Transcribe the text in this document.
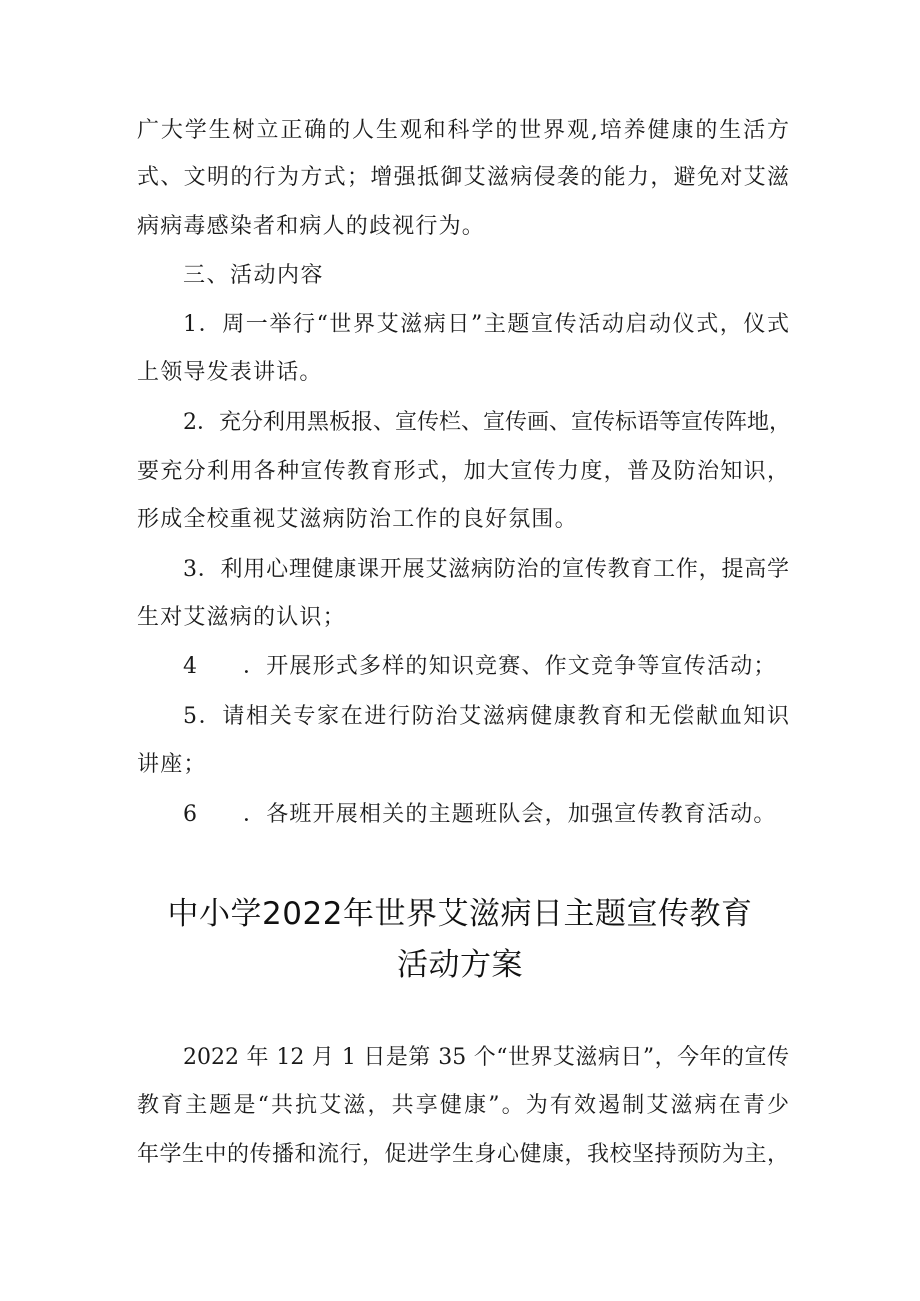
广大学生树立正确的人生观和科学的世界观,培养健康的生活方
式、文明的行为方式；增强抵御艾滋病侵袭的能力，避免对艾滋
病病毒感染者和病人的歧视行为。
三、活动内容
1．周一举行“世界艾滋病日”主题宣传活动启动仪式，仪式
上领导发表讲话。
2．充分利用黑板报、宣传栏、宣传画、宣传标语等宣传阵地，
要充分利用各种宣传教育形式，加大宣传力度，普及防治知识，
形成全校重视艾滋病防治工作的良好氛围。
3．利用心理健康课开展艾滋病防治的宣传教育工作，提高学
生对艾滋病的认识；
4 ．开展形式多样的知识竞赛、作文竞争等宣传活动；
5．请相关专家在进行防治艾滋病健康教育和无偿献血知识
讲座；
6 ．各班开展相关的主题班队会，加强宣传教育活动。
中小学2022年世界艾滋病日主题宣传教育
活动方案
2022 年 12 月 1 日是第 35 个“世界艾滋病日”，今年的宣传
教育主题是“共抗艾滋，共享健康”。为有效遏制艾滋病在青少
年学生中的传播和流行，促进学生身心健康，我校坚持预防为主，
